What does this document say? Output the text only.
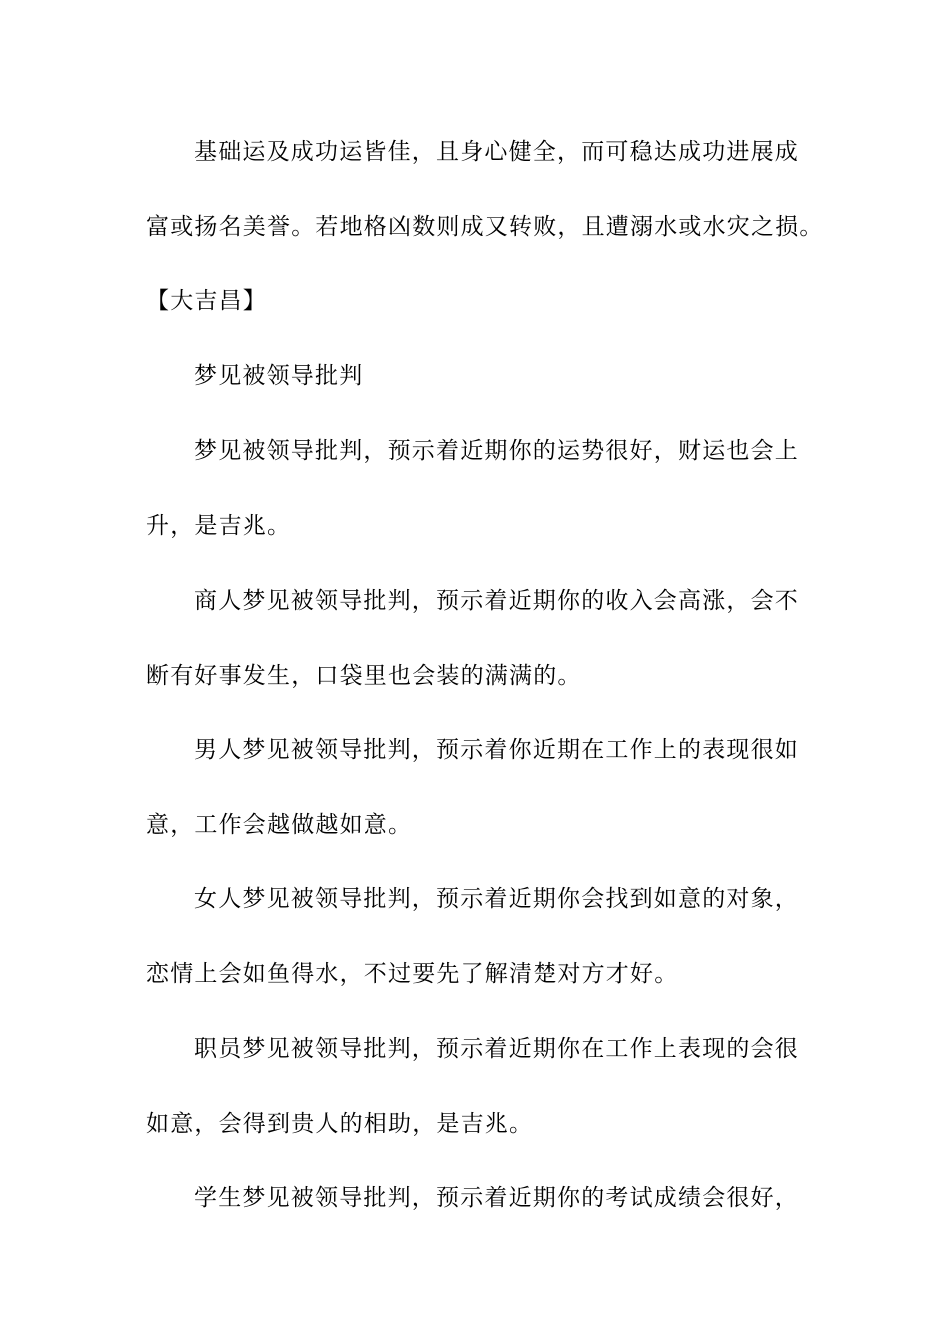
基础运及成功运皆佳，且身心健全，而可稳达成功进展成
富或扬名美誉。若地格凶数则成又转败，且遭溺水或水灾之损。
【大吉昌】
梦见被领导批判
梦见被领导批判，预示着近期你的运势很好，财运也会上
升，是吉兆。
商人梦见被领导批判，预示着近期你的收入会高涨，会不
断有好事发生，口袋里也会装的满满的。
男人梦见被领导批判，预示着你近期在工作上的表现很如
意，工作会越做越如意。
女人梦见被领导批判，预示着近期你会找到如意的对象，
恋情上会如鱼得水，不过要先了解清楚对方才好。
职员梦见被领导批判，预示着近期你在工作上表现的会很
如意，会得到贵人的相助，是吉兆。
学生梦见被领导批判，预示着近期你的考试成绩会很好，
